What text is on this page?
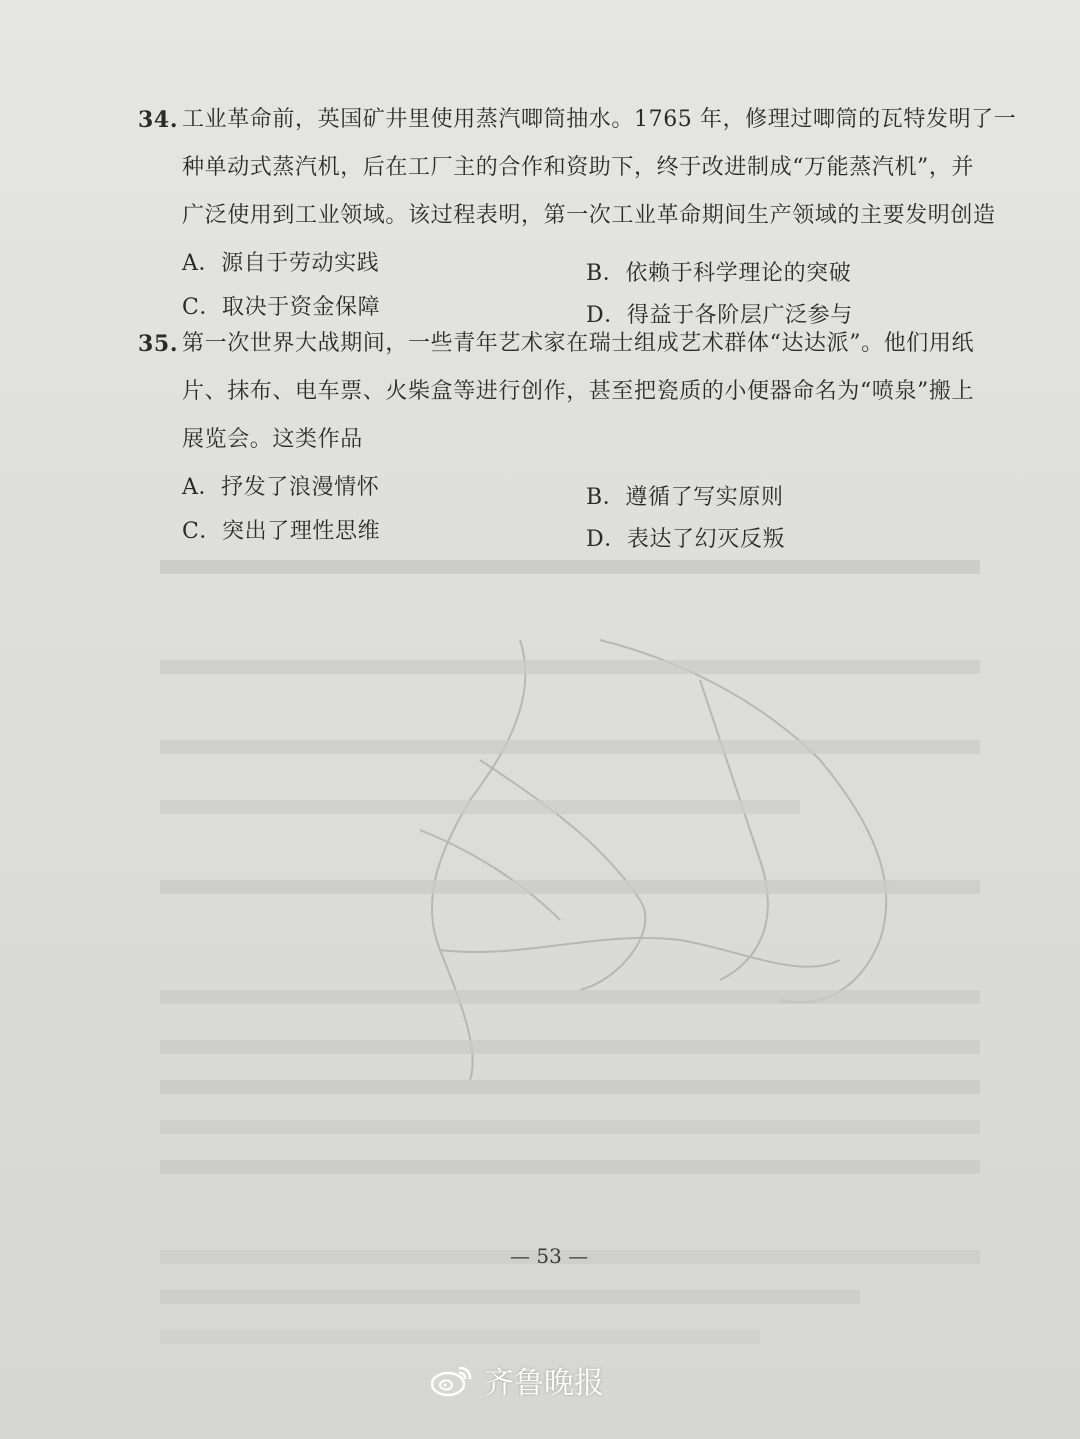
34. 工业革命前，英国矿井里使用蒸汽唧筒抽水。1765 年，修理过唧筒的瓦特发明了一
种单动式蒸汽机，后在工厂主的合作和资助下，终于改进制成“万能蒸汽机”，并
广泛使用到工业领域。该过程表明，第一次工业革命期间生产领域的主要发明创造
A．源自于劳动实践	B．依赖于科学理论的突破
C．取决于资金保障	D．得益于各阶层广泛参与
35. 第一次世界大战期间，一些青年艺术家在瑞士组成艺术群体“达达派”。他们用纸
片、抹布、电车票、火柴盒等进行创作，甚至把瓷质的小便器命名为“喷泉”搬上
展览会。这类作品
A．抒发了浪漫情怀	B．遵循了写实原则
C．突出了理性思维	D．表达了幻灭反叛
— 53 —
齐鲁晚报
